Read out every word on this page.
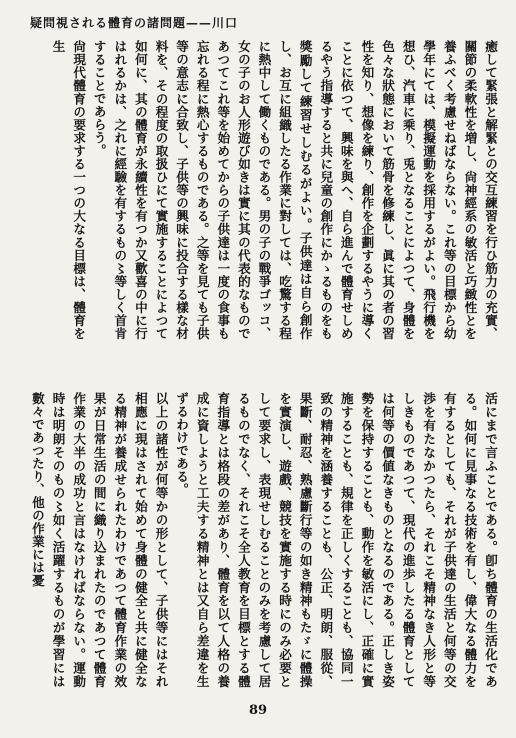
疑問視される體育の諸問題——川口

癒して緊張と解緊との交互練習を行ひ筋力の充實、關節の柔軟性を増し、尙神經系の敏活と巧緻性とを養ふべく考慮せねばならない。これ等の目標から幼學年にては、模擬運動を採用するがよい。飛行機を想ひ、汽車に乘り、兎となることによつて、身體を色々な狀態において筋骨を修練し、眞に其の者の習性を知り、想像を練り、創作を企劃するやうに導くことに依つて、興味を與へ、自ら進んで體育せしめるやう指導すると共に兒童の創作にかゝるものをも獎勵して練習せしむるがよい。子供達は自ら創作し、お互に組織したる作業に對しては、吃驚する程に熱中して働くものである。男の子の戰爭ゴッコ、女の子のお人形遊び如きは實に其の代表的なものであつてこれ等を始めてからの子供達は一度の食事も忘れる程に熱心するものである。之等を見ても子供等の意志に合致し、子供等の興味に投合する樣な材料を、その程度の取扱ひにて實施することによつて如何に、其の體育が永續性を有つか又歡喜の中に行はれるかは、之れに經驗を有するもの〻等しく首肯することであらう。

尙現代體育の要求する一つの大なる目標は、體育を生

活にまで言ふことである。卽ち體育の生活化である。如何に見事なる技術を有し、偉大なる體力を有するとしても、それが子供達の生活と何等の交渉を有たなかつたら、それこそ精神なき人形と等しきものであつて、現代の進歩したる體育としては何等の價値なきものとなるのである。正しき姿勢を保持することも、動作を敏活にし、正確に實施することも、規律を正しくすることも、協同一致の精神を涵養することも、公正、明朗、服從、果斷、耐忍、熟慮斷行等の如き精神もたゞに體操を實演し、遊戲、競技を實施する時にのみ必要として要求し、表現せしむることのみを考慮して居るものでなく、それこそ全人教育を目標とする體育指導とは格段の差があり、體育を以て人格の養成に資しようと工夫する精神とは又自ら差違を生ずるわけである。

以上の諸性が何等かの形として、子供等にはそれ相應に現はされて始めて身體の健全と共に健全なる精神が養成せられたわけであつて體育作業の效果が日常生活の間に織り込まれたのであつて體育作業の大半の成功と言はなければならない。運動時は明朗そのもの〻如く活躍するものが學習には數々であつたり、他の作業には憂

89
